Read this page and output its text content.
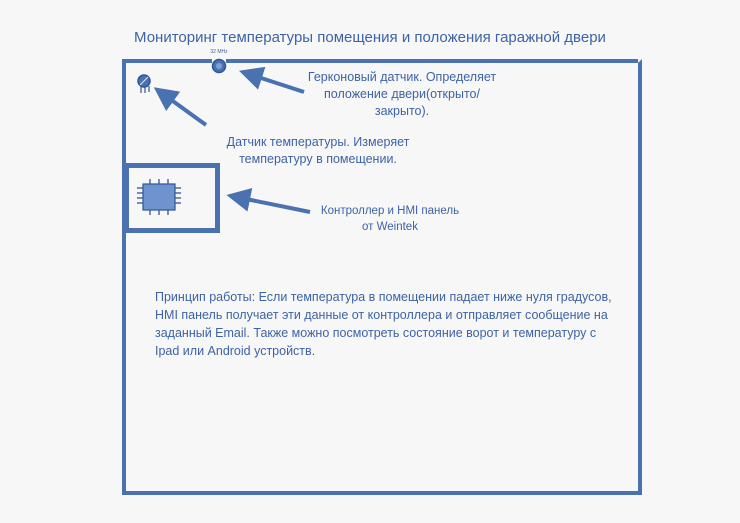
Мониторинг температуры помещения и положения гаражной двери
Герконовый датчик. Определяет положение двери(открыто/закрыто).
Датчик температуры. Измеряет температуру в помещении.
Контроллер и HMI панель от Weintek
Принцип работы: Если температура в помещении падает ниже нуля градусов, HMI панель получает эти данные от контроллера и отправляет сообщение на заданный Email. Также можно посмотреть состояние ворот и температуру с Ipad или Android устройств.
32 MHz
